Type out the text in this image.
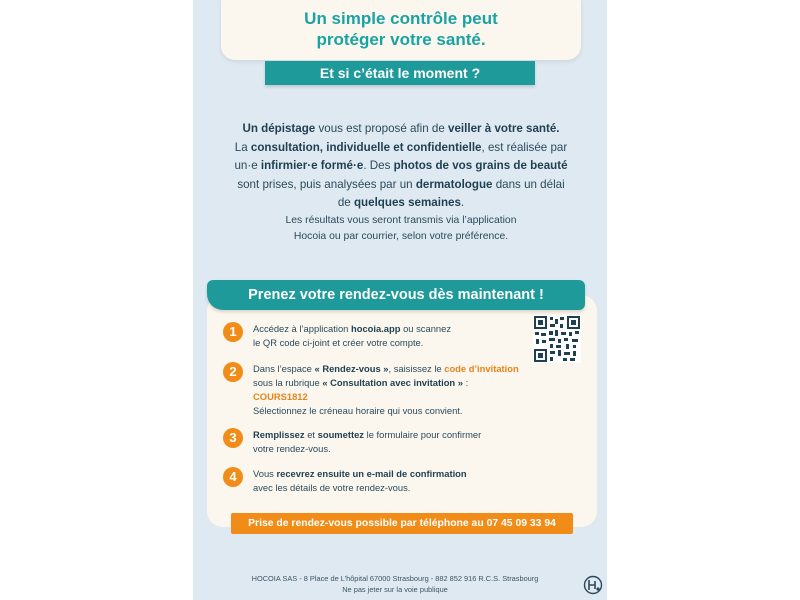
Un simple contrôle peut
protéger votre santé.
Et si c’était le moment ?
Un dépistage vous est proposé afin de veiller à votre santé.
La consultation, individuelle et confidentielle, est réalisée par
un·e infirmier·e formé·e. Des photos de vos grains de beauté
sont prises, puis analysées par un dermatologue dans un délai
de quelques semaines.
Les résultats vous seront transmis via l’application
Hocoia ou par courrier, selon votre préférence.
Prenez votre rendez-vous dès maintenant !
1	Accédez à l’application hocoia.app ou scannez
le QR code ci-joint et créer votre compte.
2	Dans l’espace « Rendez-vous », saisissez le code d’invitation
sous la rubrique « Consultation avec invitation » :
COURS1812
Sélectionnez le créneau horaire qui vous convient.
3	Remplissez et soumettez le formulaire pour confirmer
votre rendez-vous.
4	Vous recevrez ensuite un e-mail de confirmation
avec les détails de votre rendez-vous.
Prise de rendez-vous possible par téléphone au 07 45 09 33 94
HOCOIA SAS - 8 Place de L’hôpital 67000 Strasbourg - 882 852 916 R.C.S. Strasbourg
Ne pas jeter sur la voie publique
